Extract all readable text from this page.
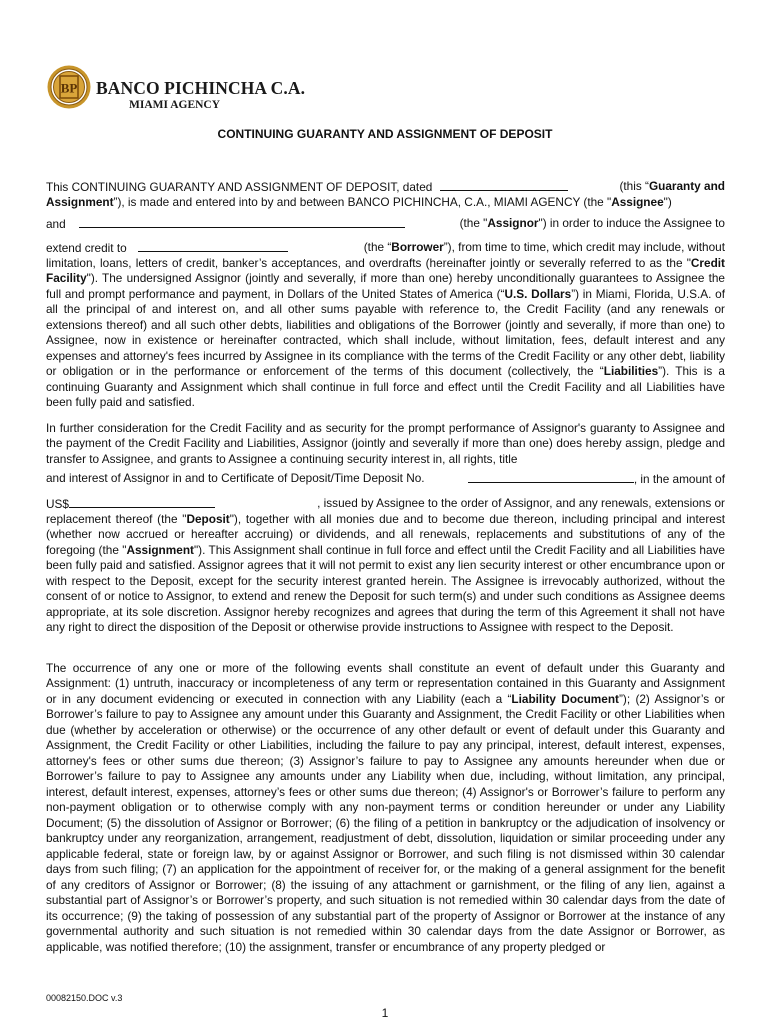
BP BANCO PICHINCHA C.A.
MIAMI AGENCY
CONTINUING GUARANTY AND ASSIGNMENT OF DEPOSIT
This CONTINUING GUARANTY AND ASSIGNMENT OF DEPOSIT, dated	(this “Guaranty and
Assignment”), is made and entered into by and between BANCO PICHINCHA, C.A., MIAMI AGENCY (the "Assignee")
and	(the "Assignor") in order to induce the Assignee to
extend credit to	(the “Borrower”), from time to time, which credit may include, without
limitation, loans, letters of credit, banker’s acceptances, and overdrafts (hereinafter jointly or severally referred to as the "Credit Facility"). The undersigned Assignor (jointly and severally, if more than one) hereby unconditionally guarantees to Assignee the full and prompt performance and payment, in Dollars of the United States of America (“U.S. Dollars”) in Miami, Florida, U.S.A. of all the principal of and interest on, and all other sums payable with reference to, the Credit Facility (and any renewals or extensions thereof) and all such other debts, liabilities and obligations of the Borrower (jointly and severally, if more than one) to Assignee, now in existence or hereinafter contracted, which shall include, without limitation, fees, default interest and any expenses and attorney's fees incurred by Assignee in its compliance with the terms of the Credit Facility or any other debt, liability or obligation or in the performance or enforcement of the terms of this document (collectively, the “Liabilities”). This is a continuing Guaranty and Assignment which shall continue in full force and effect until the Credit Facility and all Liabilities have been fully paid and satisfied.
In further consideration for the Credit Facility and as security for the prompt performance of Assignor's guaranty to Assignee and the payment of the Credit Facility and Liabilities, Assignor (jointly and severally if more than one) does hereby assign, pledge and transfer to Assignee, and grants to Assignee a continuing security interest in, all rights, title
and interest of Assignor in and to Certificate of Deposit/Time Deposit No.	, in the amount of
US$	, issued by Assignee to the order of Assignor, and any renewals, extensions or
replacement thereof (the "Deposit"), together with all monies due and to become due thereon, including principal and interest (whether now accrued or hereafter accruing) or dividends, and all renewals, replacements and substitutions of any of the foregoing (the "Assignment"). This Assignment shall continue in full force and effect until the Credit Facility and all Liabilities have been fully paid and satisfied. Assignor agrees that it will not permit to exist any lien security interest or other encumbrance upon or with respect to the Deposit, except for the security interest granted herein. The Assignee is irrevocably authorized, without the consent of or notice to Assignor, to extend and renew the Deposit for such term(s) and under such conditions as Assignee deems appropriate, at its sole discretion. Assignor hereby recognizes and agrees that during the term of this Agreement it shall not have any right to direct the disposition of the Deposit or otherwise provide instructions to Assignee with respect to the Deposit.
The occurrence of any one or more of the following events shall constitute an event of default under this Guaranty and Assignment: (1) untruth, inaccuracy or incompleteness of any term or representation contained in this Guaranty and Assignment or in any document evidencing or executed in connection with any Liability (each a “Liability Document”); (2) Assignor’s or Borrower’s failure to pay to Assignee any amount under this Guaranty and Assignment, the Credit Facility or other Liabilities when due (whether by acceleration or otherwise) or the occurrence of any other default or event of default under this Guaranty and Assignment, the Credit Facility or other Liabilities, including the failure to pay any principal, interest, default interest, expenses, attorney's fees or other sums due thereon; (3) Assignor’s failure to pay to Assignee any amounts hereunder when due or Borrower’s failure to pay to Assignee any amounts under any Liability when due, including, without limitation, any principal, interest, default interest, expenses, attorney’s fees or other sums due thereon; (4) Assignor's or Borrower’s failure to perform any non-payment obligation or to otherwise comply with any non-payment terms or condition hereunder or under any Liability Document; (5) the dissolution of Assignor or Borrower; (6) the filing of a petition in bankruptcy or the adjudication of insolvency or bankruptcy under any reorganization, arrangement, readjustment of debt, dissolution, liquidation or similar proceeding under any applicable federal, state or foreign law, by or against Assignor or Borrower, and such filing is not dismissed within 30 calendar days from such filing; (7) an application for the appointment of receiver for, or the making of a general assignment for the benefit of any creditors of Assignor or Borrower; (8) the issuing of any attachment or garnishment, or the filing of any lien, against a substantial part of Assignor’s or Borrower’s property, and such situation is not remedied within 30 calendar days from the date of its occurrence; (9) the taking of possession of any substantial part of the property of Assignor or Borrower at the instance of any governmental authority and such situation is not remedied within 30 calendar days from the date Assignor or Borrower, as applicable, was notified therefore; (10) the assignment, transfer or encumbrance of any property pledged or
00082150.DOC v.3
1
